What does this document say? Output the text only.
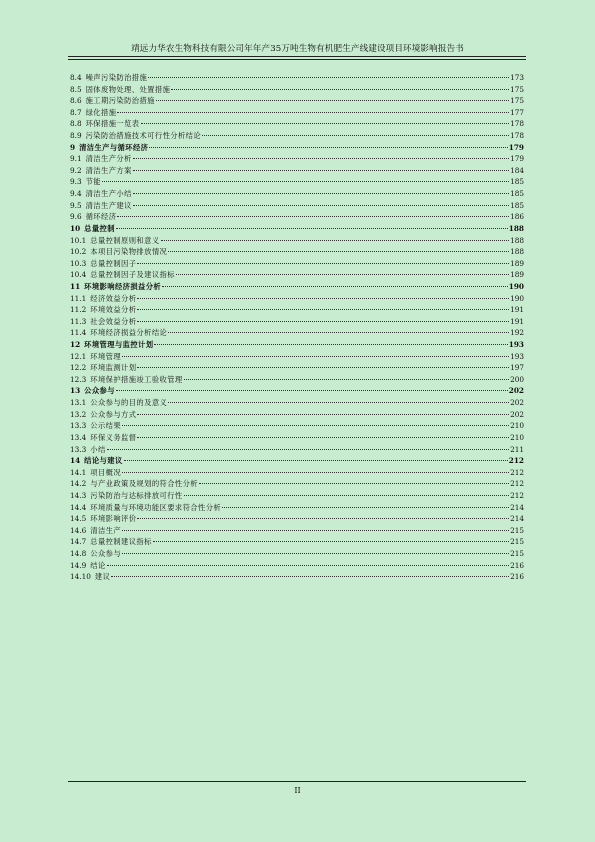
靖远力华农生物科技有限公司年年产35万吨生物有机肥生产线建设项目环境影响报告书
8.4 噪声污染防治措施	173
8.5 固体废物处理、处置措施	175
8.6 施工期污染防治措施	175
8.7 绿化措施	177
8.8 环保措施一览表	178
8.9 污染防治措施技术可行性分析结论	178
9 清洁生产与循环经济	179
9.1 清洁生产分析	179
9.2 清洁生产方案	184
9.3 节能	185
9.4 清洁生产小结	185
9.5 清洁生产建议	185
9.6 循环经济	186
10 总量控制	188
10.1 总量控制原则和意义	188
10.2 本项目污染物排放情况	188
10.3 总量控制因子	189
10.4 总量控制因子及建议指标	189
11 环境影响经济损益分析	190
11.1 经济效益分析	190
11.2 环境效益分析	191
11.3 社会效益分析	191
11.4 环境经济损益分析结论	192
12 环境管理与监控计划	193
12.1 环境管理	193
12.2 环境监测计划	197
12.3 环境保护措施竣工验收管理	200
13 公众参与	202
13.1 公众参与的目的及意义	202
13.2 公众参与方式	202
13.3 公示结果	210
13.4 环保义务监督	210
13.3 小结	211
14 结论与建议	212
14.1 项目概况	212
14.2 与产业政策及规划的符合性分析	212
14.3 污染防治与达标排放可行性	212
14.4 环境质量与环境功能区要求符合性分析	214
14.5 环境影响评价	214
14.6 清洁生产	215
14.7 总量控制建议指标	215
14.8 公众参与	215
14.9 结论	216
14.10 建议	216
II
